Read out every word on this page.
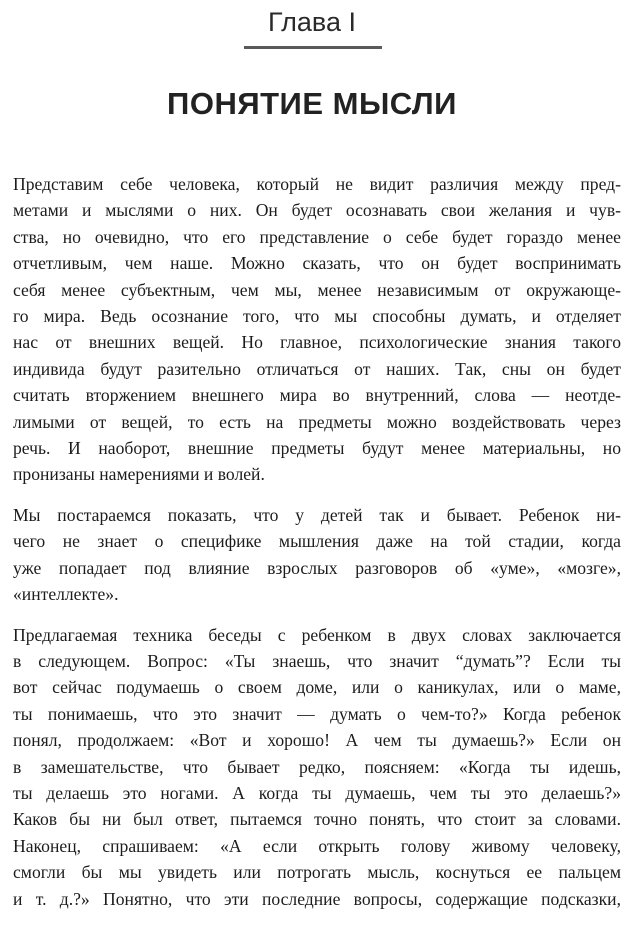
Глава I
ПОНЯТИЕ МЫСЛИ

Представим себе человека, который не видит различия между пред-
метами и мыслями о них. Он будет осознавать свои желания и чув-
ства, но очевидно, что его представление о себе будет гораздо менее
отчетливым, чем наше. Можно сказать, что он будет воспринимать
себя менее субъектным, чем мы, менее независимым от окружающе-
го мира. Ведь осознание того, что мы способны думать, и отделяет
нас от внешних вещей. Но главное, психологические знания такого
индивида будут разительно отличаться от наших. Так, сны он будет
считать вторжением внешнего мира во внутренний, слова — неотде-
лимыми от вещей, то есть на предметы можно воздействовать через
речь. И наоборот, внешние предметы будут менее материальны, но
пронизаны намерениями и волей.

Мы постараемся показать, что у детей так и бывает. Ребенок ни-
чего не знает о специфике мышления даже на той стадии, когда
уже попадает под влияние взрослых разговоров об «уме», «мозге»,
«интеллекте».

Предлагаемая техника беседы с ребенком в двух словах заключается
в следующем. Вопрос: «Ты знаешь, что значит “думать”? Если ты
вот сейчас подумаешь о своем доме, или о каникулах, или о маме,
ты понимаешь, что это значит — думать о чем-то?» Когда ребенок
понял, продолжаем: «Вот и хорошо! А чем ты думаешь?» Если он
в замешательстве, что бывает редко, поясняем: «Когда ты идешь,
ты делаешь это ногами. А когда ты думаешь, чем ты это делаешь?»
Каков бы ни был ответ, пытаемся точно понять, что стоит за словами.
Наконец, спрашиваем: «А если открыть голову живому человеку,
смогли бы мы увидеть или потрогать мысль, коснуться ее пальцем
и т. д.?» Понятно, что эти последние вопросы, содержащие подсказки,
